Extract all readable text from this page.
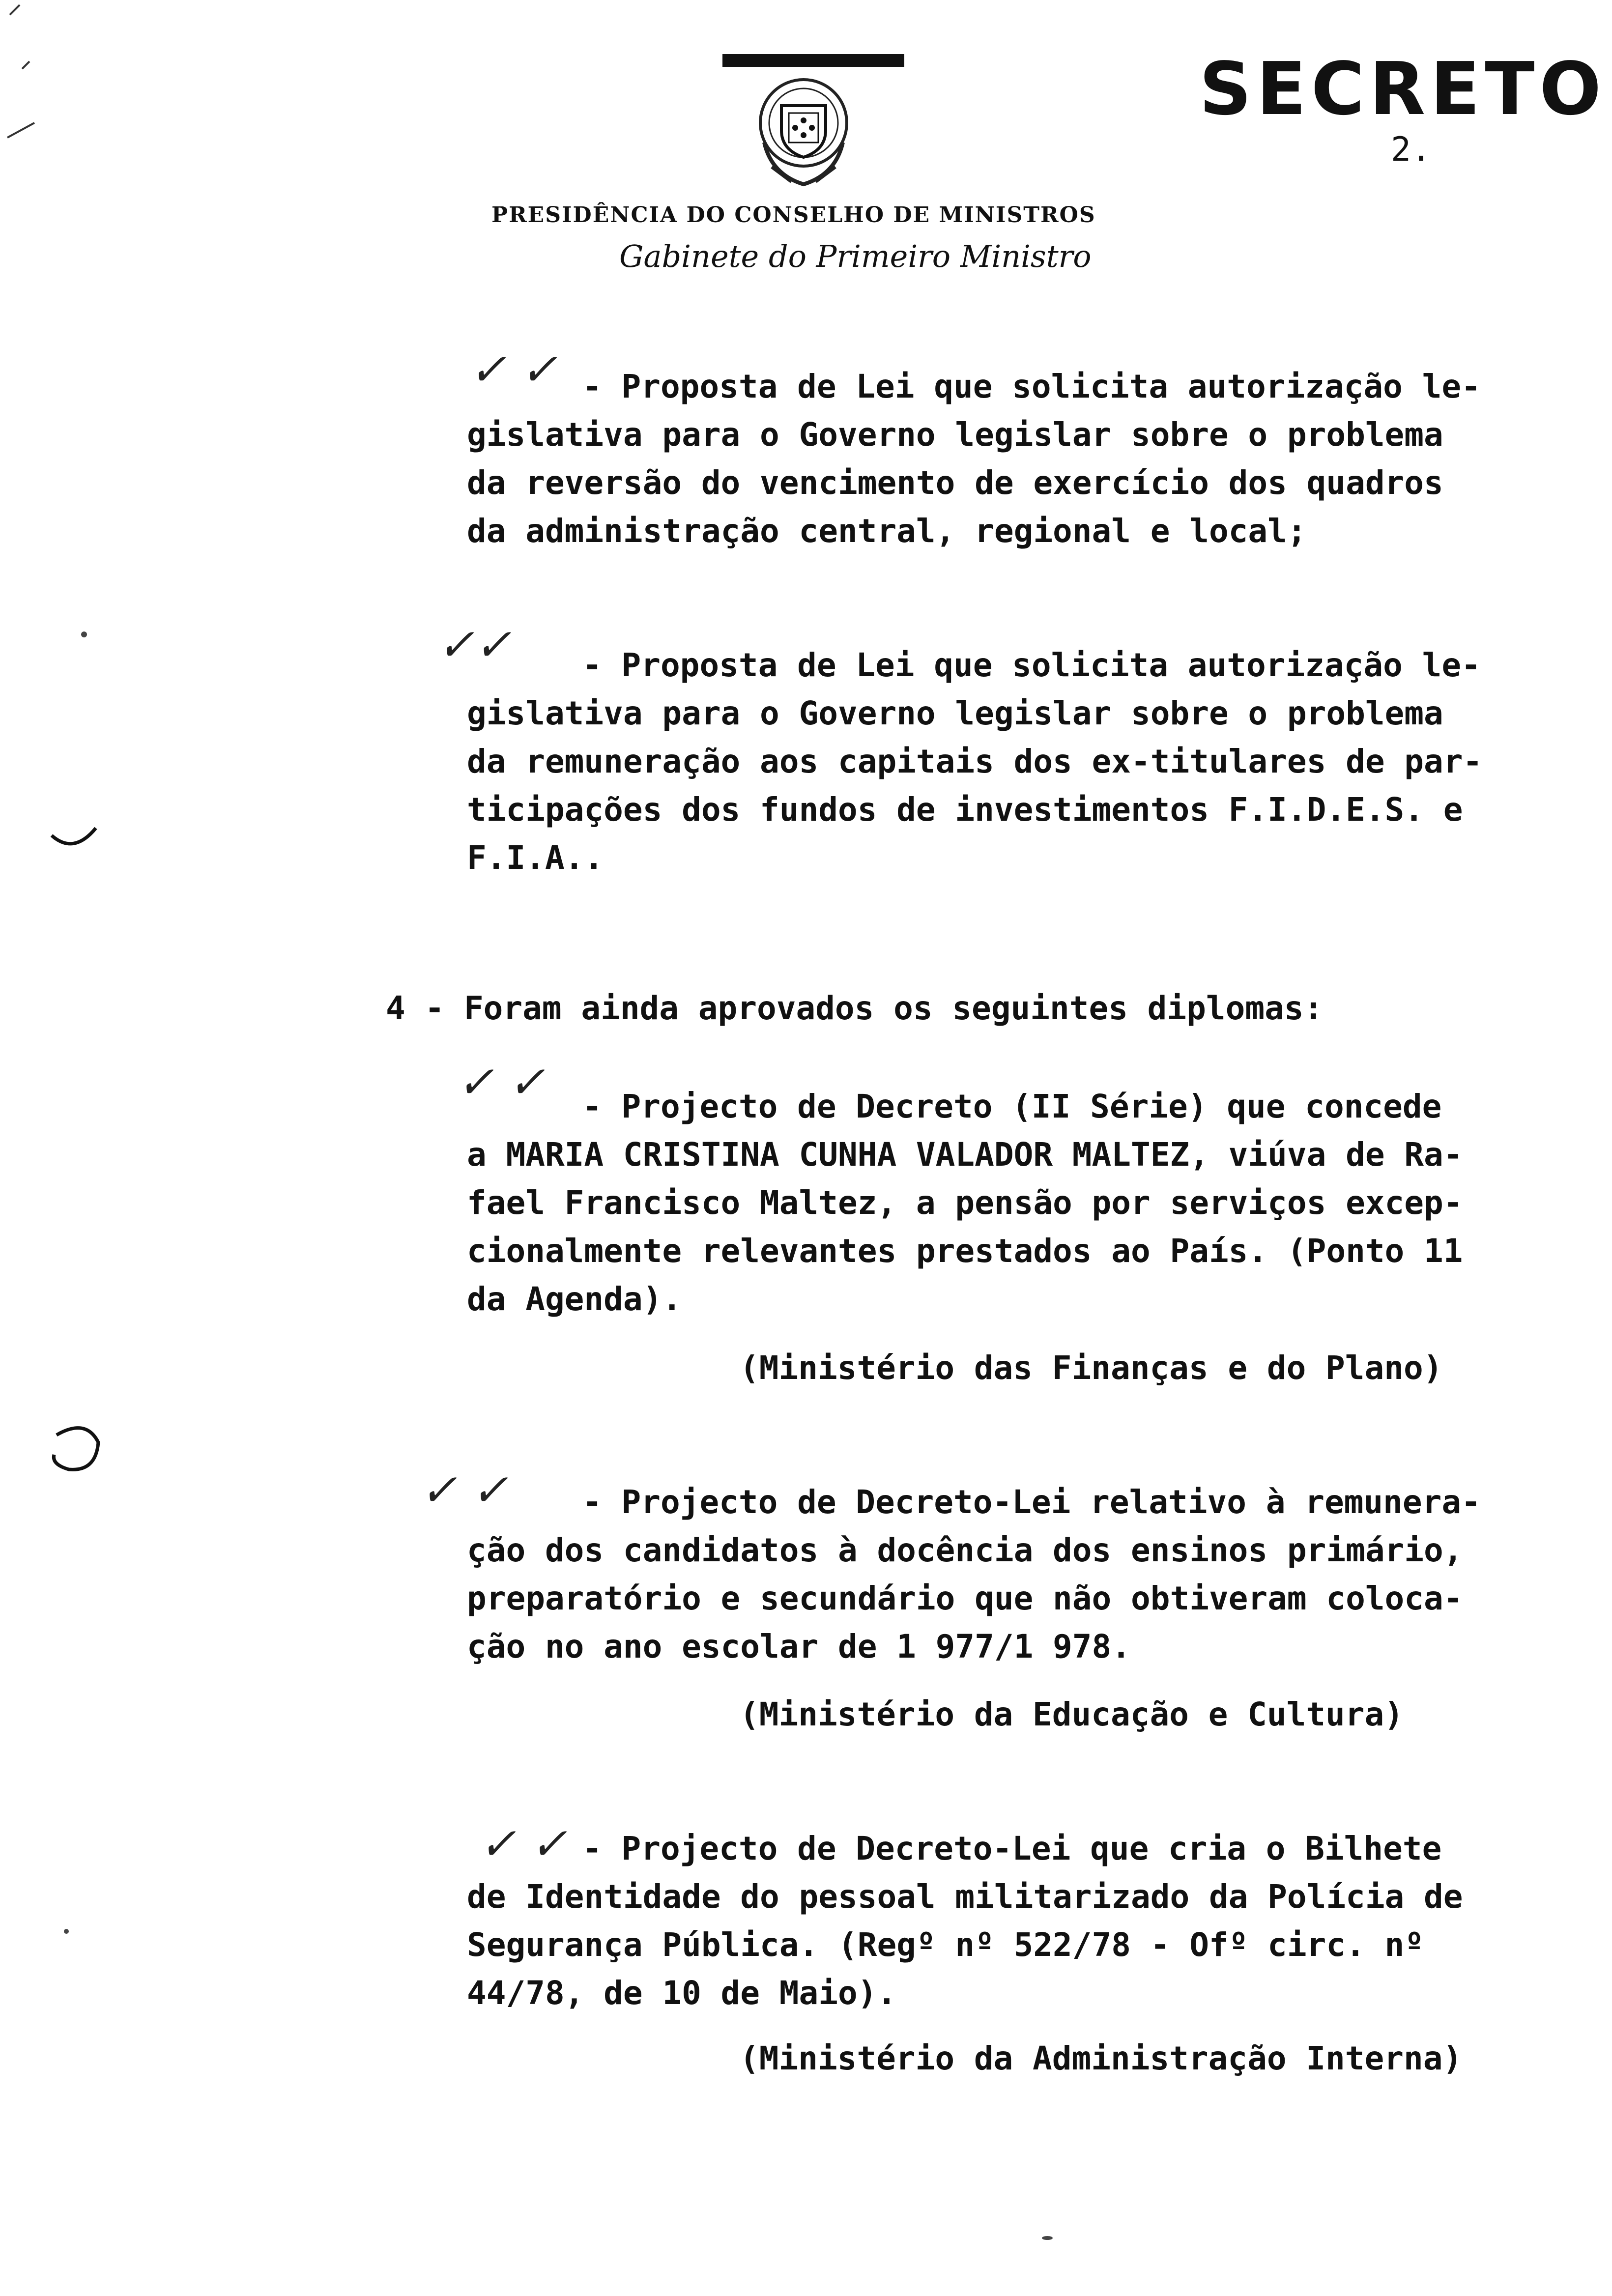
SECRETO
2.
PRESIDÊNCIA DO CONSELHO DE MINISTROS
Gabinete do Primeiro Ministro
✓ ✓ - Proposta de Lei que solicita autorização le-
gislativa para o Governo legislar sobre o problema
da reversão do vencimento de exercício dos quadros
da administração central, regional e local;
✓✓	- Proposta de Lei que solicita autorização le-
gislativa para o Governo legislar sobre o problema
da remuneração aos capitais dos ex-titulares de par-
ticipações dos fundos de investimentos F.I.D.E.S. e
F.I.A..
4 - Foram ainda aprovados os seguintes diplomas:
✓ ✓	- Projecto de Decreto (II Série) que concede
a MARIA CRISTINA CUNHA VALADOR MALTEZ, viúva de Ra-
fael Francisco Maltez, a pensão por serviços excep-
cionalmente relevantes prestados ao País. (Ponto 11
da Agenda).
(Ministério das Finanças e do Plano)
✓ ✓	- Projecto de Decreto-Lei relativo à remunera-
ção dos candidatos à docência dos ensinos primário,
preparatório e secundário que não obtiveram coloca-
ção no ano escolar de 1 977/1 978.
(Ministério da Educação e Cultura)
✓ ✓ - Projecto de Decreto-Lei que cria o Bilhete
de Identidade do pessoal militarizado da Polícia de
Segurança Pública. (Regº nº 522/78 - Ofº circ. nº
44/78, de 10 de Maio).
(Ministério da Administração Interna)
